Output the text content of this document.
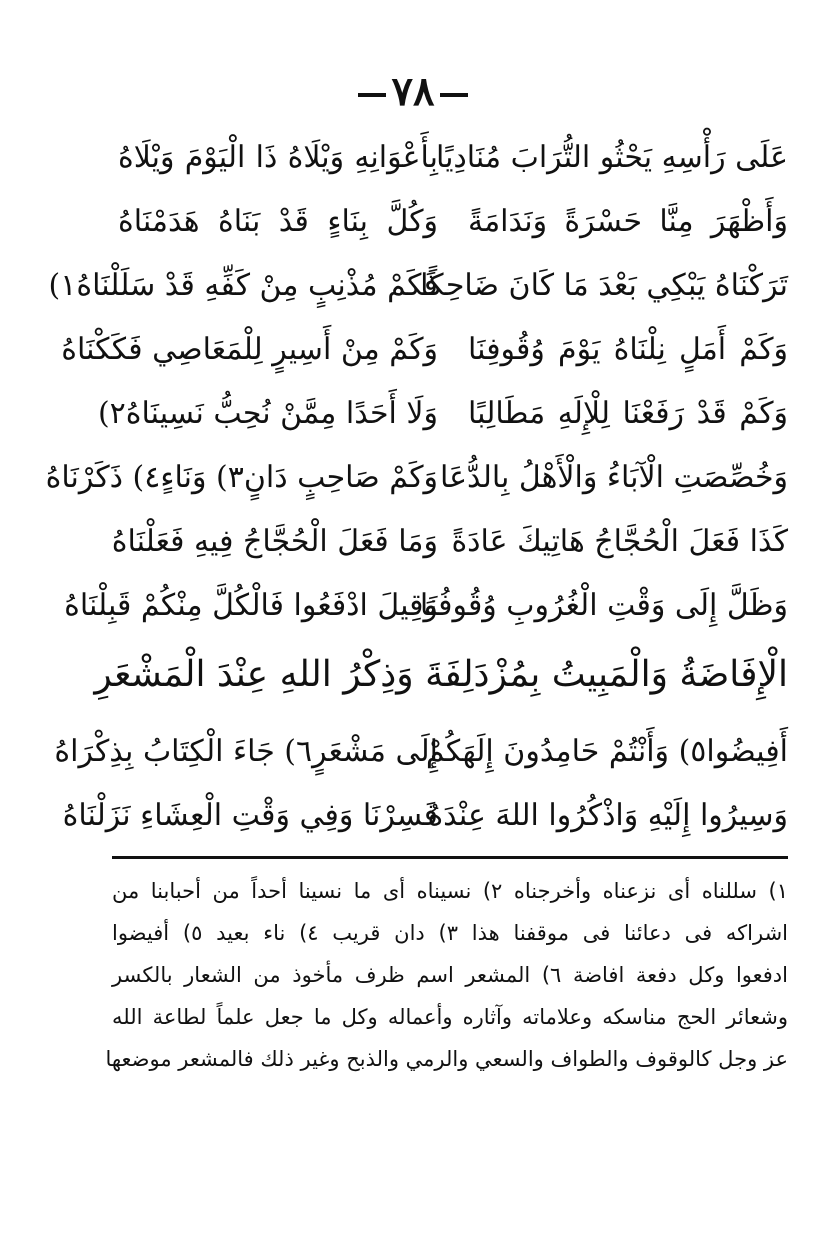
٧٨
عَلَى رَأْسِهِ يَحْثُو التُّرَابَ مُنَادِيًا
بِأَعْوَانِهِ وَيْلَاهُ ذَا الْيَوْمَ وَيْلَاهُ
وَأَظْهَرَ مِنَّا حَسْرَةً وَنَدَامَةً
وَكُلَّ بِنَاءٍ قَدْ بَنَاهُ هَدَمْنَاهُ
تَرَكْنَاهُ يَبْكِي بَعْدَ مَا كَانَ ضَاحِكًا
فَكَمْ مُذْنِبٍ مِنْ كَفِّهِ قَدْ سَلَلْنَاهُ١)
وَكَمْ أَمَلٍ نِلْنَاهُ يَوْمَ وُقُوفِنَا
وَكَمْ مِنْ أَسِيرٍ لِلْمَعَاصِي فَكَكْنَاهُ
وَكَمْ قَدْ رَفَعْنَا لِلْإِلَهِ مَطَالِبًا
وَلَا أَحَدًا مِمَّنْ نُحِبُّ نَسِينَاهُ٢)
وَخُصِّصَتِ الْآبَاءُ وَالْأَهْلُ بِالدُّعَا
وَكَمْ صَاحِبٍ دَانٍ٣) وَنَاءٍ٤) ذَكَرْنَاهُ
كَذَا فَعَلَ الْحُجَّاجُ هَاتِيكَ عَادَةً
وَمَا فَعَلَ الْحُجَّاجُ فِيهِ فَعَلْنَاهُ
وَظَلَّ إِلَى وَقْتِ الْغُرُوبِ وُقُوفُنَا
وَقِيلَ ادْفَعُوا فَالْكُلَّ مِنْكُمْ قَبِلْنَاهُ
الْإِفَاضَةُ وَالْمَبِيتُ بِمُزْدَلِفَةَ وَذِكْرُ اللهِ عِنْدَ الْمَشْعَرِ
أَفِيضُوا٥) وَأَنْتُمْ حَامِدُونَ إِلَهَكُمْ
إِلَى مَشْعَرٍ٦) جَاءَ الْكِتَابُ بِذِكْرَاهُ
وَسِيرُوا إِلَيْهِ وَاذْكُرُوا اللهَ عِنْدَهُ
فَسِرْنَا وَفِي وَقْتِ الْعِشَاءِ نَزَلْنَاهُ
١) سللناه أى نزعناه وأخرجناه ٢) نسيناه أى ما نسينا أحداً من أحبابنا من
اشراكه فى دعائنا فى موقفنا هذا ٣) دان قريب ٤) ناء بعيد ٥) أفيضوا
ادفعوا وكل دفعة افاضة ٦) المشعر اسم ظرف مأخوذ من الشعار بالكسر
وشعائر الحج مناسكه وعلاماته وآثاره وأعماله وكل ما جعل علماً لطاعة الله
عز وجل كالوقوف والطواف والسعي والرمي والذبح وغير ذلك فالمشعر موضعها
